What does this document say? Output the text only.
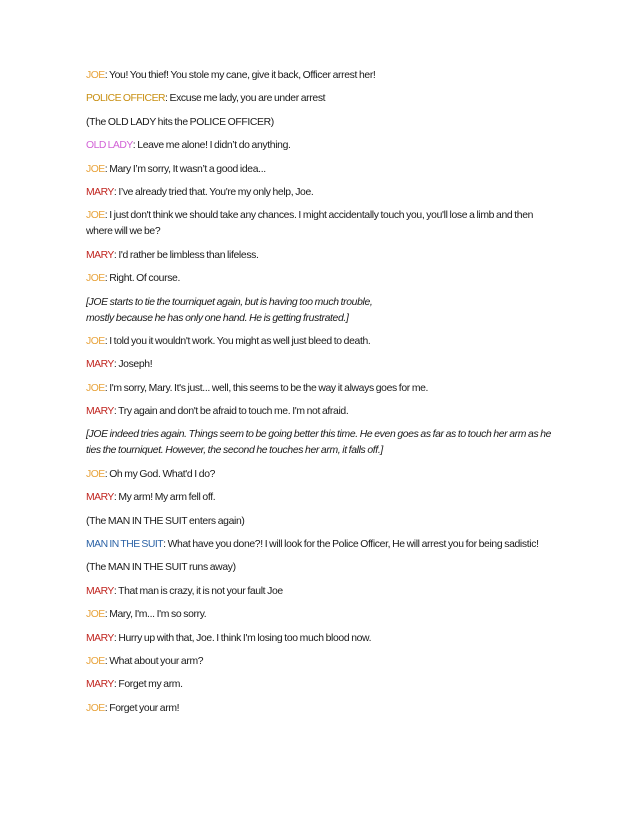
JOE: You! You thief! You stole my cane, give it back, Officer arrest her!

POLICE OFFICER: Excuse me lady, you are under arrest

(The OLD LADY hits the POLICE OFFICER)

OLD LADY: Leave me alone! I didn’t do anything.

JOE: Mary I’m sorry, It wasn’t a good idea...

MARY: I’ve already tried that. You're my only help, Joe.

JOE: I just don't think we should take any chances. I might accidentally touch you, you'll lose a limb and then where will we be?

MARY: I'd rather be limbless than lifeless.

JOE: Right. Of course.

[JOE starts to tie the tourniquet again, but is having too much trouble,
mostly because he has only one hand. He is getting frustrated.]

JOE: I told you it wouldn't work. You might as well just bleed to death.

MARY: Joseph!

JOE: I'm sorry, Mary. It's just... well, this seems to be the way it always goes for me.

MARY: Try again and don't be afraid to touch me. I'm not afraid.

[JOE indeed tries again. Things seem to be going better this time. He even goes as far as to touch her arm as he ties the tourniquet. However, the second he touches her arm, it falls off.]

JOE: Oh my God. What'd I do?

MARY: My arm! My arm fell off.

(The MAN IN THE SUIT enters again)

MAN IN THE SUIT: What have you done?! I will look for the Police Officer, He will arrest you for being sadistic!

(The MAN IN THE SUIT runs away)

MARY: That man is crazy, it is not your fault Joe

JOE: Mary, I'm... I'm so sorry.

MARY: Hurry up with that, Joe. I think I'm losing too much blood now.

JOE: What about your arm?

MARY: Forget my arm.

JOE: Forget your arm!
